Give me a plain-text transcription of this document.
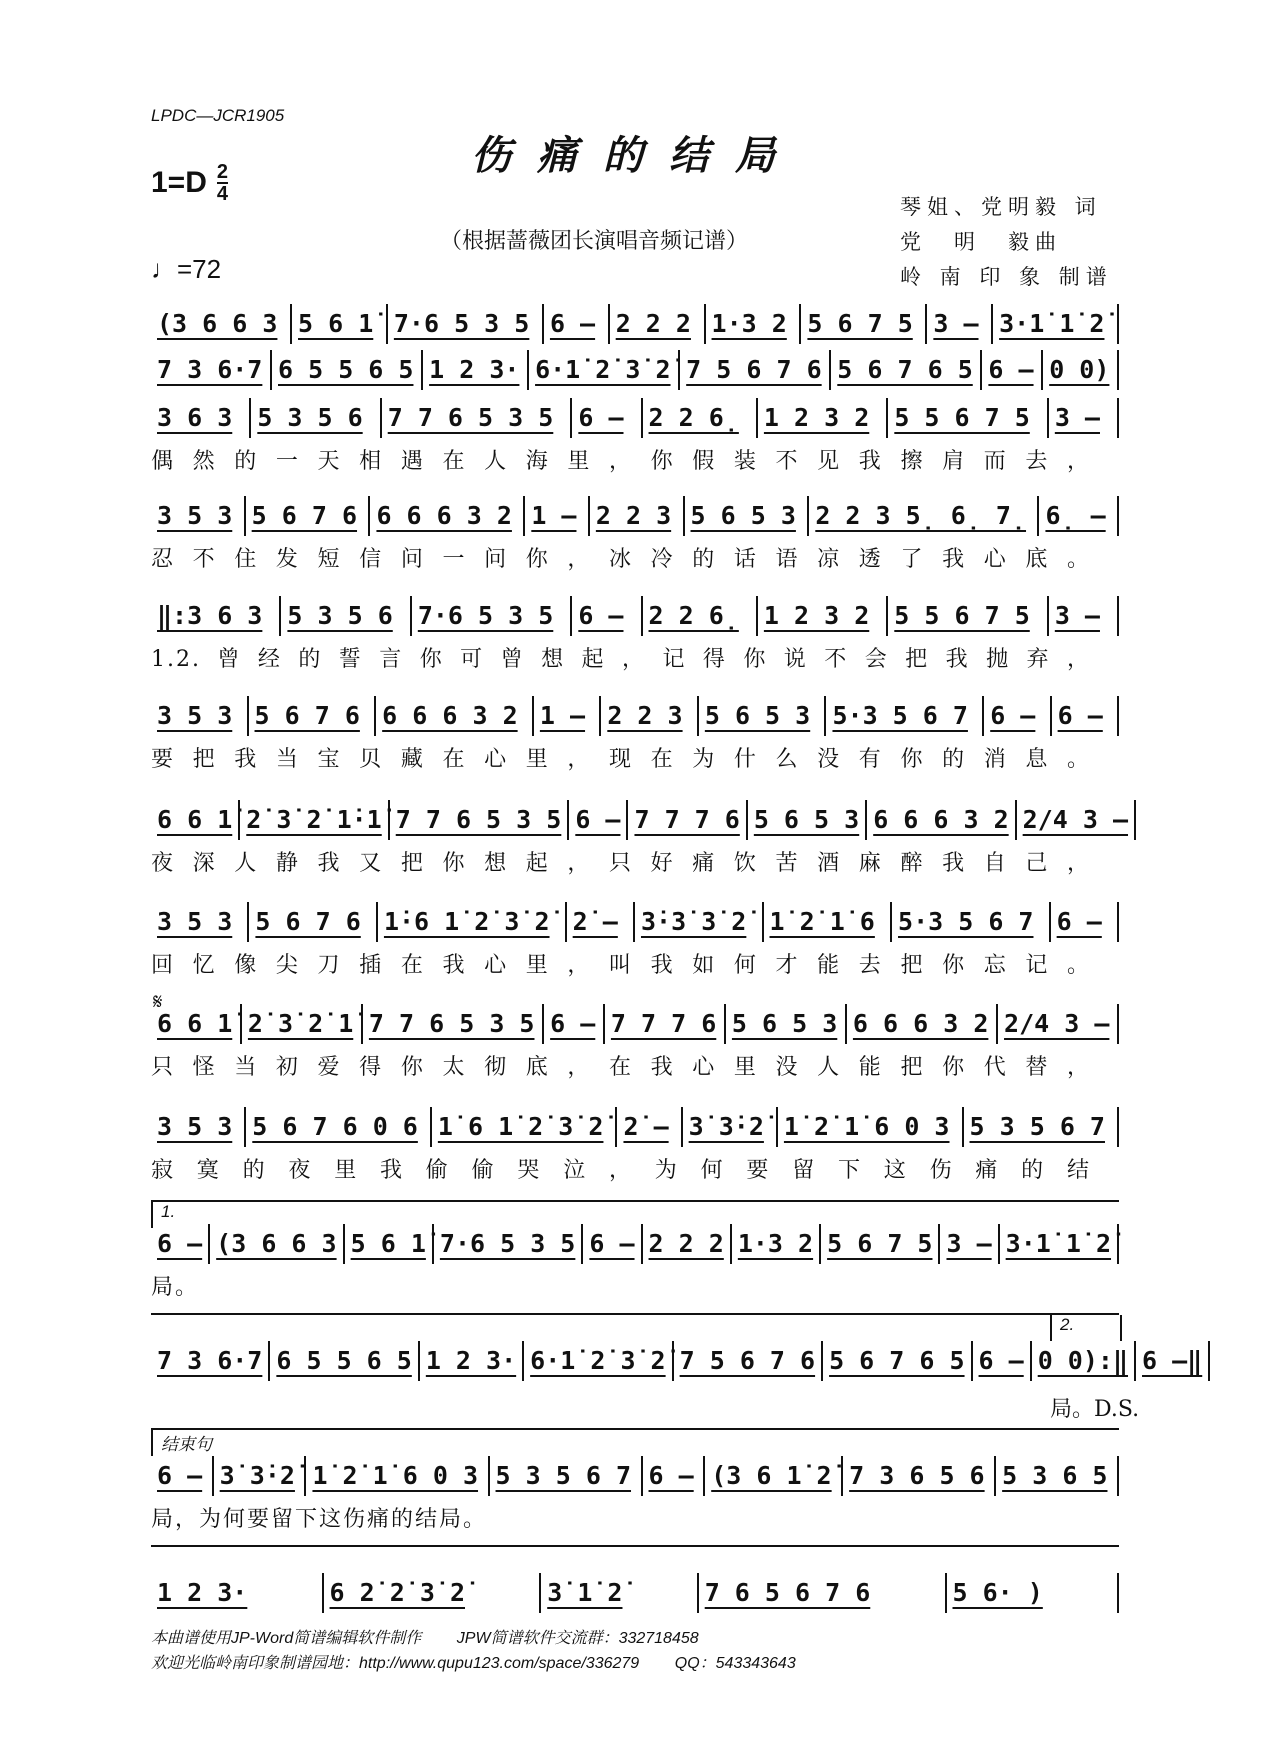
LPDC—JCR1905
伤痛的结局
$1=D \frac{2}{4}$
♩=72
（根据蔷薇团长演唱音频记谱）
琴姐、党明毅 词
党　明　毅曲
岭 南 印 象 制谱
(3 6 6 3 5 6 1̇ 7·6 5 3 5 6 – 2 2 2 1·3 2 5 6 7 5 3 – 3·1̇ 1̇ 2̇
7 3 6·7 6 5 5 6 5 1 2 3· 6·1̇ 2̇ 3̇ 2̇ 7 5 6 7 6 5 6 7 6 5 6 – 0 0)
3 6 3	5 3 5 6	7 7 6 5 3 5	6 –	2 2 6̣	1 2 3 2	5 5 6 7 5	3 –
偶然的一天相遇在人海里，你假装不见我擦肩而去，
3 5 3 5 6 7 6 6 6 6 3 2 1 – 2 2 3 5 6 5 3 2 2 3 5̣ 6̣ 7̣ 6̣ –
忍不住发短信问一问你，冰冷的话语凉透了我心底。
‖:3 6 3	5 3 5 6	7·6 5 3 5	6 –	2 2 6̣	1 2 3 2	5 5 6 7 5	3 –
1.2.曾经的誓言你可曾想起，记得你说不会把我抛弃，
3 5 3 5 6 7 6 6 6 6 3 2 1 – 2 2 3 5 6 5 3 5·3 5 6 7 6 – 6 –
要把我当宝贝藏在心里，现在为什么没有你的消息。
6 6 1̇ 2̇ 3̇ 2̇ 1̇·1̇ 7 7 6 5 3 5 6 – 7 7 7 6 5 6 5 3 6 6 6 3 2 2/4 3 –
夜深人静我又把你想起，只好痛饮苦酒麻醉我自己，
3 5 3 5 6 7 6 1̇·6 1̇ 2̇ 3̇ 2̇ 2̇ – 3̇·3̇ 3̇ 2̇ 1̇ 2̇ 1̇ 6 5·3 5 6 7 6 –
回忆像尖刀插在我心里，叫我如何才能去把你忘记。
6 6 1̇ 2̇ 3̇ 2̇ 1̇ 7 7 6 5 3 5 6 – 7 7 7 6 5 6 5 3 6 6 6 3 2 2/4 3 –
只怪当初爱得你太彻底，在我心里没人能把你代替，
3 5 3 5 6 7 6 0 6 1̇ 6 1̇ 2̇ 3̇ 2̇ 2̇ – 3̇ 3̇·2̇ 1̇ 2̇ 1̇ 6 0 3 5 3 5 6 7
寂寞的夜里我偷偷哭泣，为何要留下这伤痛的结
6 – (3 6 6 3 5 6 1̇ 7·6 5 3 5 6 – 2 2 2 1·3 2 5 6 7 5 3 – 3·1̇ 1̇ 2̇
局。
7 3 6·7 6 5 5 6 5 1 2 3· 6·1̇ 2̇ 3̇ 2̇ 7 5 6 7 6 5 6 7 6 5 6 – 0 0):‖ 6 –‖
6 – 3̇ 3̇·2̇ 1̇ 2̇ 1̇ 6 0 3 5 3 5 6 7 6 – (3 6 1̇ 2̇ 7 3 6 5 6 5 3 6 5
局，为何要留下这伤痛的结局。
1 2 3·	6 2̇ 2̇ 3̇ 2̇	3̇ 1̇ 2̇	7 6 5 6 7 6	5 6· )
1.
2.
局。D.S.
结束句
𝄋
本曲谱使用JP-Word简谱编辑软件制作        JPW简谱软件交流群：332718458
欢迎光临岭南印象制谱园地：http://www.qupu123.com/space/336279        QQ：543343643
